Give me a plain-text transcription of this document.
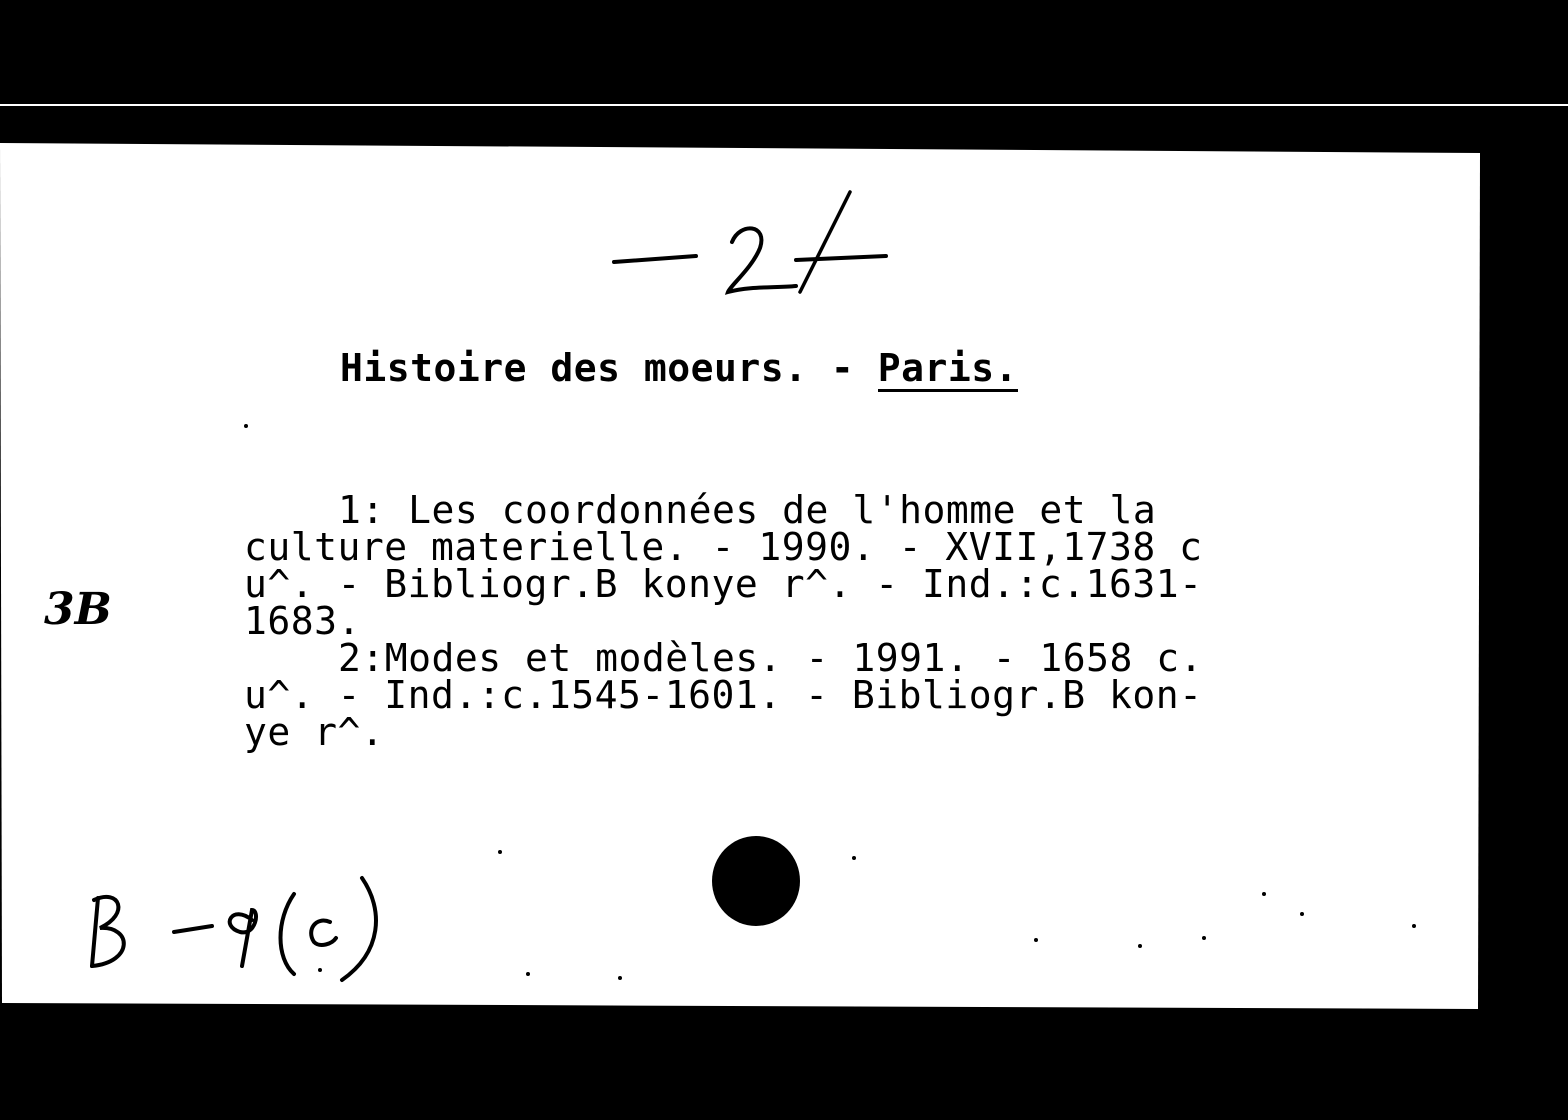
Histoire des moeurs. - Paris.
1: Les coordonnées de l'homme et la
culture materielle. - 1990. - XVII,1738 c
u^. - Bibliogr.B konye r^. - Ind.:c.1631-
1683.
2:Modes et modèles. - 1991. - 1658 c.
u^. - Ind.:c.1545-1601. - Bibliogr.B kon-
ye r^.
3B
